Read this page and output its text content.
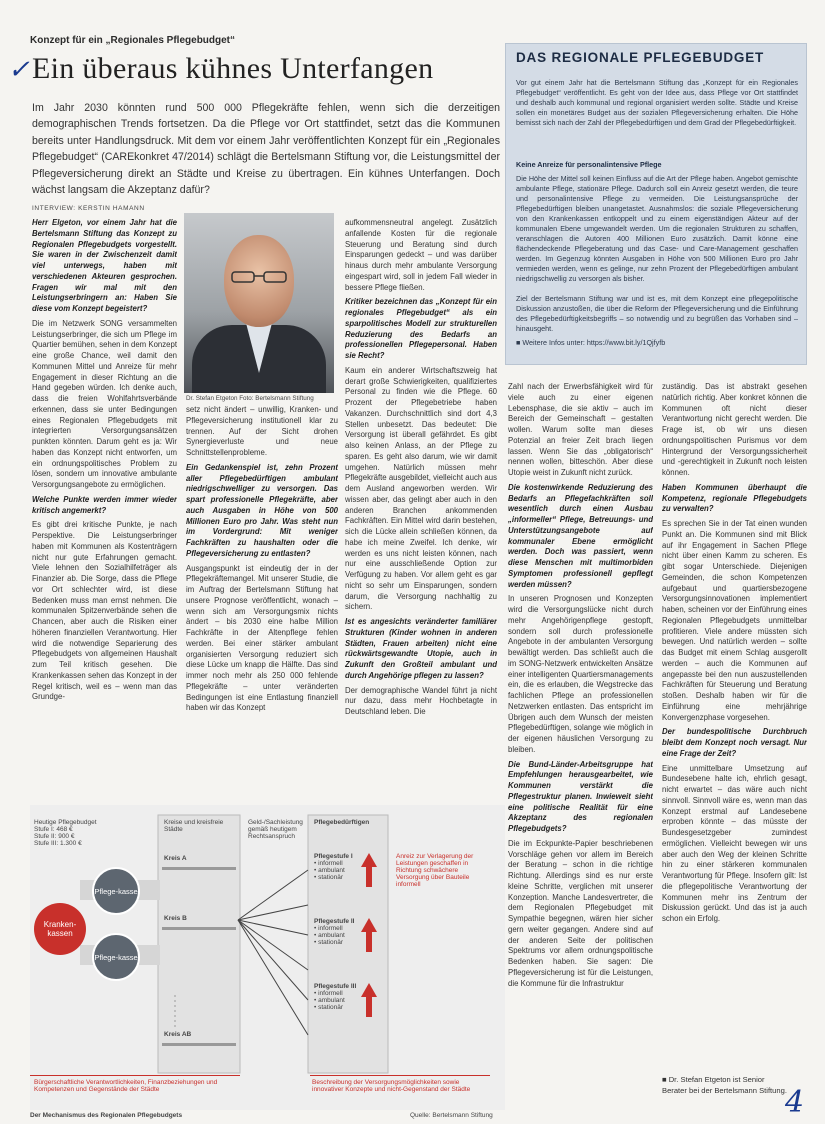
Konzept für ein „Regionales Pflegebudget“
✓ Ein überaus kühnes Unterfangen
Im Jahr 2030 könnten rund 500 000 Pflegekräfte fehlen, wenn sich die derzeitigen demographischen Trends fortsetzen. Da die Pflege vor Ort stattfindet, setzt das die Kommunen bereits unter Handlungsdruck. Mit dem vor einem Jahr veröffentlichten Konzept für ein „Regionales Pflegebudget“ (CAREkonkret 47/2014) schlägt die Bertelsmann Stiftung vor, die Leistungsmittel der Pflegeversicherung direkt an Städte und Kreise zu übertragen. Ein kühnes Unterfangen. Doch wächst langsam die Akzeptanz dafür?
INTERVIEW: KERSTIN HAMANN

Herr Elgeton, vor einem Jahr hat die Bertelsmann Stiftung das Konzept zu Regionalen Pflegebudgets vorgestellt. Sie waren in der Zwischenzeit damit viel unterwegs, haben mit verschiedenen Akteuren gesprochen. Fragen wir mal mit den Leistungserbringern an: Haben Sie diese vom Konzept begeistert?

Die im Netzwerk SONG versammelten Leistungserbringer, die sich um Pflege im Quartier bemühen, sehen in dem Konzept eine große Chance, weil damit den Kommunen Mittel und Anreize für mehr Engagement in dieser Richtung an die Hand gegeben würden. Ich denke auch, dass die freien Wohlfahrtsverbände erkennen, dass sie unter Bedingungen eines Regionalen Pflegebudgets mit integrierten Versorgungsansätzen punkten könnten. Darum geht es ja: Wir haben das Konzept nicht entworfen, um ein ordnungspolitisches Problem zu lösen, sondern um innovative ambulante Versorgungsangebote zu ermöglichen.

Welche Punkte werden immer wieder kritisch angemerkt?

Es gibt drei kritische Punkte, je nach Perspektive. Die Leistungserbringer haben mit Kommunen als Kostenträgern nicht nur gute Erfahrungen gemacht. Viele lehnen den Sozialhilfeträger als Finanzier ab. Die Sorge, dass die Pflege vor Ort schlechter wird, ist diese Bedenken muss man ernst nehmen. Die kommunalen Spitzenverbände sehen die Chancen, aber auch die Risiken einer höheren finanziellen Verantwortung. Hier wird die notwendige Separierung des Pflegebudgets von allgemeinen Haushalt zum Teil kritisch gesehen. Die Krankenkassen sehen das Konzept in der Regel kritisch, weil es – wenn man das Grundge-

Dr. Stefan Etgeton Foto: Bertelsmann Stiftung

setz nicht ändert – unwillig, Kranken- und Pflegeversicherung institutionell klar zu trennen. Auf der Sicht drohen Synergieverluste und neue Schnittstellenprobleme.

Ein Gedankenspiel ist, zehn Prozent aller Pflegebedürftigen ambulant niedrigschwelliger zu versorgen. Das spart professionelle Pflegekräfte, aber auch Ausgaben in Höhe von 500 Millionen Euro pro Jahr. Was steht nun im Vordergrund: Mit weniger Fachkräften zu haushalten oder die Pflegeversicherung zu entlasten?

Ausgangspunkt ist eindeutig der in der Pflegekräftemangel. Mit unserer Studie, die im Auftrag der Bertelsmann Stiftung hat unsere Prognose veröffentlicht, wonach – wenn sich am Versorgungsmix nichts ändert – bis 2030 eine halbe Million Fachkräfte in der Altenpflege fehlen werden. Bei einer stärker ambulant organisierten Versorgung reduziert sich diese Lücke um knapp die Hälfte. Das sind immer noch mehr als 250 000 fehlende Pflegekräfte – unter veränderten Bedingungen ist eine Entlastung finanziell haben wir das Konzept

aufkommensneutral angelegt. Zusätzlich anfallende Kosten für die regionale Steuerung und Beratung sind durch Einsparungen gedeckt – und was darüber hinaus durch mehr ambulante Versorgung eingespart wird, soll in jedem Fall wieder in bessere Pflege fließen.

Kritiker bezeichnen das „Konzept für ein regionales Pflegebudget“ als ein sparpolitisches Modell zur strukturellen Reduzierung des Bedarfs an professionellen Pflegepersonal. Haben sie Recht?

Kaum ein anderer Wirtschaftszweig hat derart große Schwierigkeiten, qualifiziertes Personal zu finden wie die Pflege. 60 Prozent der Pflegebetriebe haben Vakanzen. Durchschnittlich sind dort 4,3 Stellen unbesetzt. Das bedeutet: Die Versorgung ist überall gefährdet. Es gibt also keinen Anlass, an der Pflege zu sparen. Es geht also darum, wie wir damit umgehen. Natürlich müssen mehr Pflegekräfte ausgebildet, vielleicht auch aus dem Ausland angeworben werden. Wir wissen aber, das gelingt aber auch in den anderen Branchen ankommenden Fachkräften. Ein Mittel wird darin bestehen, sich die Lücke allein schließen können, da habe ich meine Zweifel. Ich denke, wir werden es uns nicht leisten können, nach nur eine ausschließende Option zur Verfügung zu haben. Vor allem geht es gar nicht so sehr um Einsparungen, sondern darum, die Versorgung nachhaltig zu sichern.

Ist es angesichts veränderter familiärer Strukturen (Kinder wohnen in anderen Städten, Frauen arbeiten) nicht eine rückwärtsgewandte Utopie, auch in Zukunft den Großteil ambulant und durch Angehörige pflegen zu lassen?

Der demographische Wandel führt ja nicht nur dazu, dass mehr Hochbetagte in Deutschland leben. Die

DAS REGIONALE PFLEGEBUDGET
Vor gut einem Jahr hat die Bertelsmann Stiftung das „Konzept für ein Regionales Pflegebudget“ veröffentlicht. Es geht von der Idee aus, dass Pflege vor Ort stattfindet und deshalb auch kommunal und regional organisiert werden sollte. Städte und Kreise sollen ein monetäres Budget aus der sozialen Pflegeversicherung erhalten. Die Höhe bemisst sich nach der Zahl der Pflegebedürftigen und dem Grad der Pflegebedürftigkeit.
Keine Anreize für personalintensive Pflege
Die Höhe der Mittel soll keinen Einfluss auf die Art der Pflege haben. Angebot gemischte ambulante Pflege, stationäre Pflege. Dadurch soll ein Anreiz gesetzt werden, die teure und personalintensive Pflege zu vermeiden. Die Leistungsansprüche der Pflegebedürftigen bleiben unangetastet. Ausnahmslos: die soziale Pflegeversicherung von den Krankenkassen entkoppelt und zu einem eigenständigen Akteur auf der kommunalen Ebene umgewandelt werden. Um die regionalen Strukturen zu schaffen, veranschlagen die Autoren 400 Millionen Euro zusätzlich. Damit könne eine flächendeckende Pflegeberatung und das Case- und Care-Management geschaffen werden. Im Gegenzug könnten Ausgaben in Höhe von 500 Millionen Euro pro Jahr vermieden werden, wenn es gelinge, nur zehn Prozent der Pflegebedürftigen ambulant niedrigschwellig zu versorgen als bisher.
Ziel der Bertelsmann Stiftung war und ist es, mit dem Konzept eine pflegepolitische Diskussion anzustoßen, die über die Reform der Pflegeversicherung und die Einführung des Pflegebedürftigkeitsbegriffs – so notwendig und zu begrüßen das Vorhaben sind – hinausgeht.
■ Weitere Infos unter: https://www.bit.ly/1Qjfyfb

Zahl nach der Erwerbsfähigkeit wird für viele auch zu einer eigenen Lebensphase, die sie aktiv – auch im Bereich der Gemeinschaft – gestalten wollen. Warum sollte man dieses Potenzial an freier Zeit brach liegen lassen. Wenn Sie das „obligatorisch“ nennen wollen, bitteschön. Aber diese Utopie weist in Zukunft nicht zurück.

Die kostenwirkende Reduzierung des Bedarfs an Pflegefachkräften soll wesentlich durch einen Ausbau „informeller“ Pflege, Betreuungs- und Unterstützungsangebote auf kommunaler Ebene ermöglicht werden. Doch was passiert, wenn diese Menschen mit multimorbiden Symptomen professionell gepflegt werden müssen?

In unseren Prognosen und Konzepten wird die Versorgungslücke nicht durch mehr Angehörigenpflege gestopft, sondern soll durch professionelle Angebote in der ambulanten Versorgung bewältigt werden. Das schließt auch die im SONG-Netzwerk entwickelten Ansätze einer intelligenten Quartiersmanagements ein, die es erlauben, die Wegstrecke das fachlichen Pflege an professionellen Netzwerken entlasten. Das entspricht im Übrigen auch dem Wunsch der meisten Pflegebedürftigen, solange wie möglich in der eigenen häuslichen Versorgung zu bleiben.

Die Bund-Länder-Arbeitsgruppe hat Empfehlungen herausgearbeitet, wie Kommunen verstärkt die Pflegestruktur planen. Inwieweit sieht eine politische Realität für eine Akzeptanz des regionalen Pflegebudgets?

Die im Eckpunkte-Papier beschriebenen Vorschläge gehen vor allem im Bereich der Beratung – schon in die richtige Richtung. Allerdings sind es nur erste kleine Schritte, verglichen mit unserer Konzeption. Manche Landesvertreter, die dem Regionalen Pflegebudget mit Sympathie begegnen, wären hier sicher gern weiter gegangen. Andere sind auf der anderen Seite der politischen Spektrums vor allem ordnungspolitische Bedenken haben. Sie sagen: Die Pflegeversicherung ist für die Leistungen, die Kommune für die Infrastruktur

zuständig. Das ist abstrakt gesehen natürlich richtig. Aber konkret können die Kommunen oft nicht dieser Verantwortung nicht gerecht werden. Die Frage ist, ob wir uns diesen ordnungspolitischen Purismus vor dem Hintergrund der Versorgungssicherheit und -gerechtigkeit in Zukunft noch leisten können.

Haben Kommunen überhaupt die Kompetenz, regionale Pflegebudgets zu verwalten?

Es sprechen Sie in der Tat einen wunden Punkt an. Die Kommunen sind mit Blick auf ihr Engagement in Sachen Pflege nicht über einen Kamm zu scheren. Es gibt sogar Unterschiede. Diejenigen Gemeinden, die schon Kompetenzen aufgebaut und quartiersbezogene Versorgungsinnovationen implementiert haben, scheinen vor der Einführung eines Regionalen Pflegebudgets unmittelbar profitieren. Viele andere müssten sich bewegen. Und natürlich werden – sollte das Budget mit einem Schlag ausgerollt werden – auch die Kommunen auf angepasste bei den nun auszustellenden Fachkräften für Steuerung und Beratung stoßen. Deshalb haben wir für die Einführung eine mehrjährige Konvergenzphase vorgesehen.

Der bundespolitische Durchbruch bleibt dem Konzept noch versagt. Nur eine Frage der Zeit?

Eine unmittelbare Umsetzung auf Bundesebene halte ich, ehrlich gesagt, nicht erwartet – das wäre auch nicht sinnvoll. Sinnvoll wäre es, wenn man das Konzept erstmal auf Landesebene erproben könnte – das müsste der Bundesgesetzgeber zumindest ermöglichen. Vielleicht bewegen wir uns aber auch den Weg der kleinen Schritte hin zu einer stärkeren kommunalen Verantwortung für Pflege. Insofern gilt: Ist die pflegepolitische Verantwortung der Kommunen mehr ins Zentrum der Diskussion gerückt. Und das ist ja auch schon ein Erfolg.

■ Dr. Stefan Etgeton ist Senior Berater bei der Bertelsmann Stiftung.
4
Heutige Pflegebudget
Stufe I: 468 €
Stufe II: 900 €
Stufe III: 1.300 €
Kranken-kassen
Pflege-kasse
Pflege-kasse
Kreise und kreisfreie Städte
Kreis A
Kreis B
Kreis AB
Geld-/Sachleistung gemäß heutigem Rechtsanspruch
Pflegebedürftigen
Pflegestufe I
• informell
• ambulant
• stationär
Pflegestufe II
• informell
• ambulant
• stationär
Pflegestufe III
• informell
• ambulant
• stationär
Anreiz zur Verlagerung der Leistungen geschaffen in Richtung schwächere Versorgung über Bauteile informell
Bürgerschaftliche Verantwortlichkeiten, Finanzbeziehungen und Kompetenzen und Gegenstände der Städte
Beschreibung der Versorgungsmöglichkeiten sowie innovativer Konzepte und nicht-Gegenstand der Städte
Der Mechanismus des Regionalen Pflegebudgets	Quelle: Bertelsmann Stiftung
